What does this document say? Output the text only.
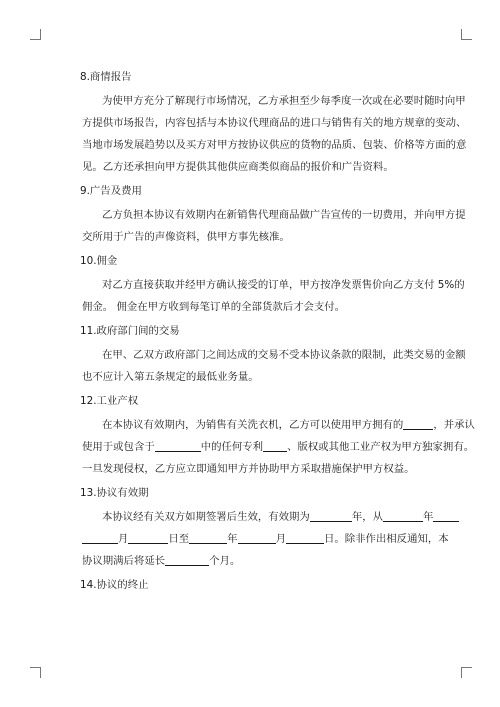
8.商情报告
为使甲方充分了解现行市场情况，乙方承担至少每季度一次或在必要时随时向甲
方提供市场报告，内容包括与本协议代理商品的进口与销售有关的地方规章的变动、
当地市场发展趋势以及买方对甲方按协议供应的货物的品质、包装、价格等方面的意
见。乙方还承担向甲方提供其他供应商类似商品的报价和广告资料。
9.广告及费用
乙方负担本协议有效期内在新销售代理商品做广告宣传的一切费用，并向甲方提
交所用于广告的声像资料，供甲方事先核准。
10.佣金
对乙方直接获取并经甲方确认接受的订单，甲方按净发票售价向乙方支付 5%的
佣金。 佣金在甲方收到每笔订单的全部货款后才会支付。
11.政府部门间的交易
在甲、乙双方政府部门之间达成的交易不受本协议条款的限制，此类交易的金额
也不应计入第五条规定的最低业务量。
12.工业产权
在本协议有效期内，为销售有关洗衣机，乙方可以使用甲方拥有的	，并承认
使用于或包含于	中的任何专利 、版权或其他工业产权为甲方独家拥有。
一旦发现侵权，乙方应立即通知甲方并协助甲方采取措施保护甲方权益。
13.协议有效期
本协议经有关双方如期签署后生效，有效期为	年，从	年
月	日至	年	月	日。除非作出相反通知，本
协议期满后将延长	个月。
14.协议的终止
